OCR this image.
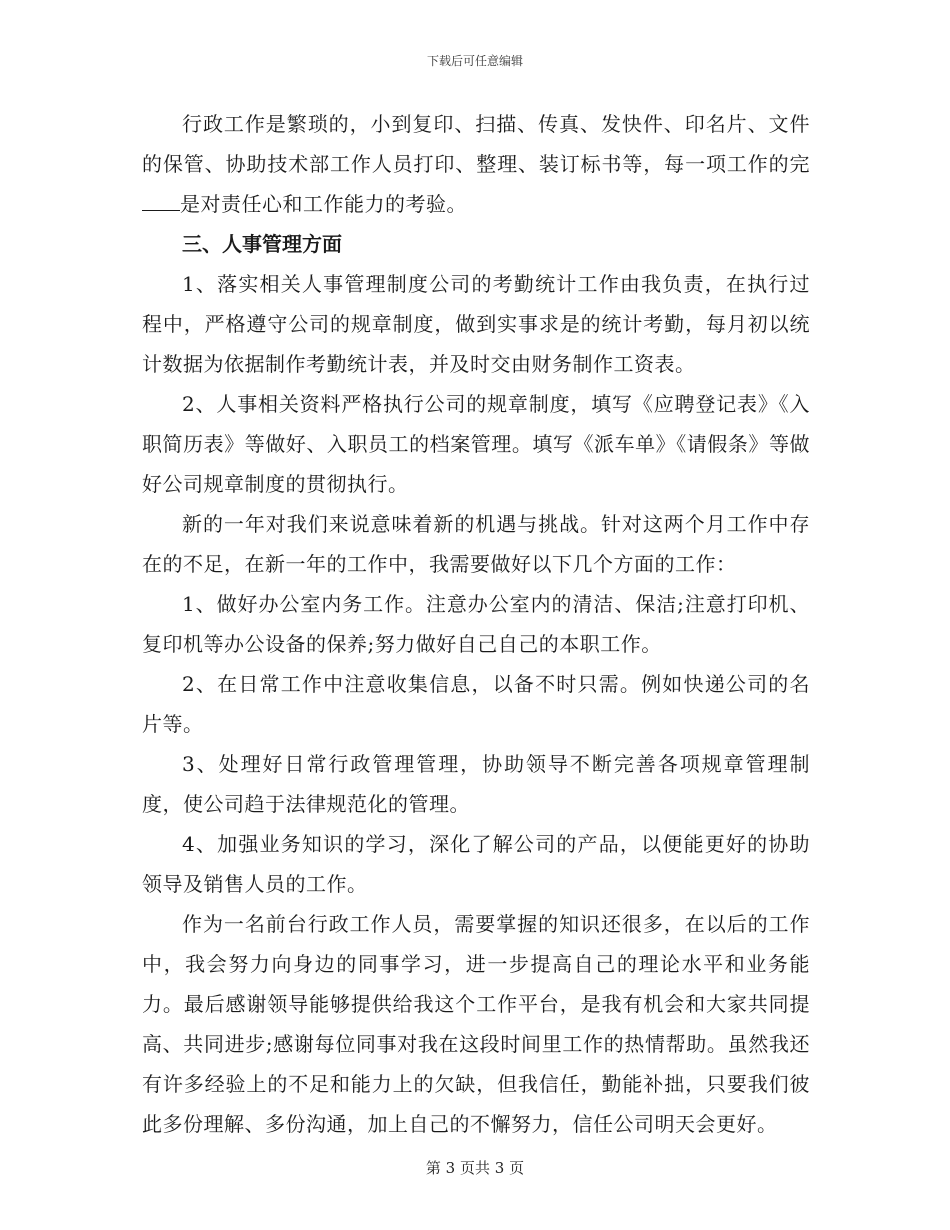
下载后可任意编辑

行政工作是繁琐的，小到复印、扫描、传真、发快件、印名片、文件的保管、协助技术部工作人员打印、整理、装订标书等，每一项工作的完是对责任心和工作能力的考验。

三、人事管理方面

1、落实相关人事管理制度公司的考勤统计工作由我负责，在执行过程中，严格遵守公司的规章制度，做到实事求是的统计考勤，每月初以统计数据为依据制作考勤统计表，并及时交由财务制作工资表。

2、人事相关资料严格执行公司的规章制度，填写《应聘登记表》《入职简历表》等做好、入职员工的档案管理。填写《派车单》《请假条》等做好公司规章制度的贯彻执行。

新的一年对我们来说意味着新的机遇与挑战。针对这两个月工作中存在的不足，在新一年的工作中，我需要做好以下几个方面的工作：

1、做好办公室内务工作。注意办公室内的清洁、保洁;注意打印机、复印机等办公设备的保养;努力做好自己自己的本职工作。

2、在日常工作中注意收集信息，以备不时只需。例如快递公司的名片等。

3、处理好日常行政管理管理，协助领导不断完善各项规章管理制度，使公司趋于法律规范化的管理。

4、加强业务知识的学习，深化了解公司的产品，以便能更好的协助领导及销售人员的工作。

作为一名前台行政工作人员，需要掌握的知识还很多，在以后的工作中，我会努力向身边的同事学习，进一步提高自己的理论水平和业务能力。最后感谢领导能够提供给我这个工作平台，是我有机会和大家共同提高、共同进步;感谢每位同事对我在这段时间里工作的热情帮助。虽然我还有许多经验上的不足和能力上的欠缺，但我信任，勤能补拙，只要我们彼此多份理解、多份沟通，加上自己的不懈努力，信任公司明天会更好。

第 3 页共 3 页
